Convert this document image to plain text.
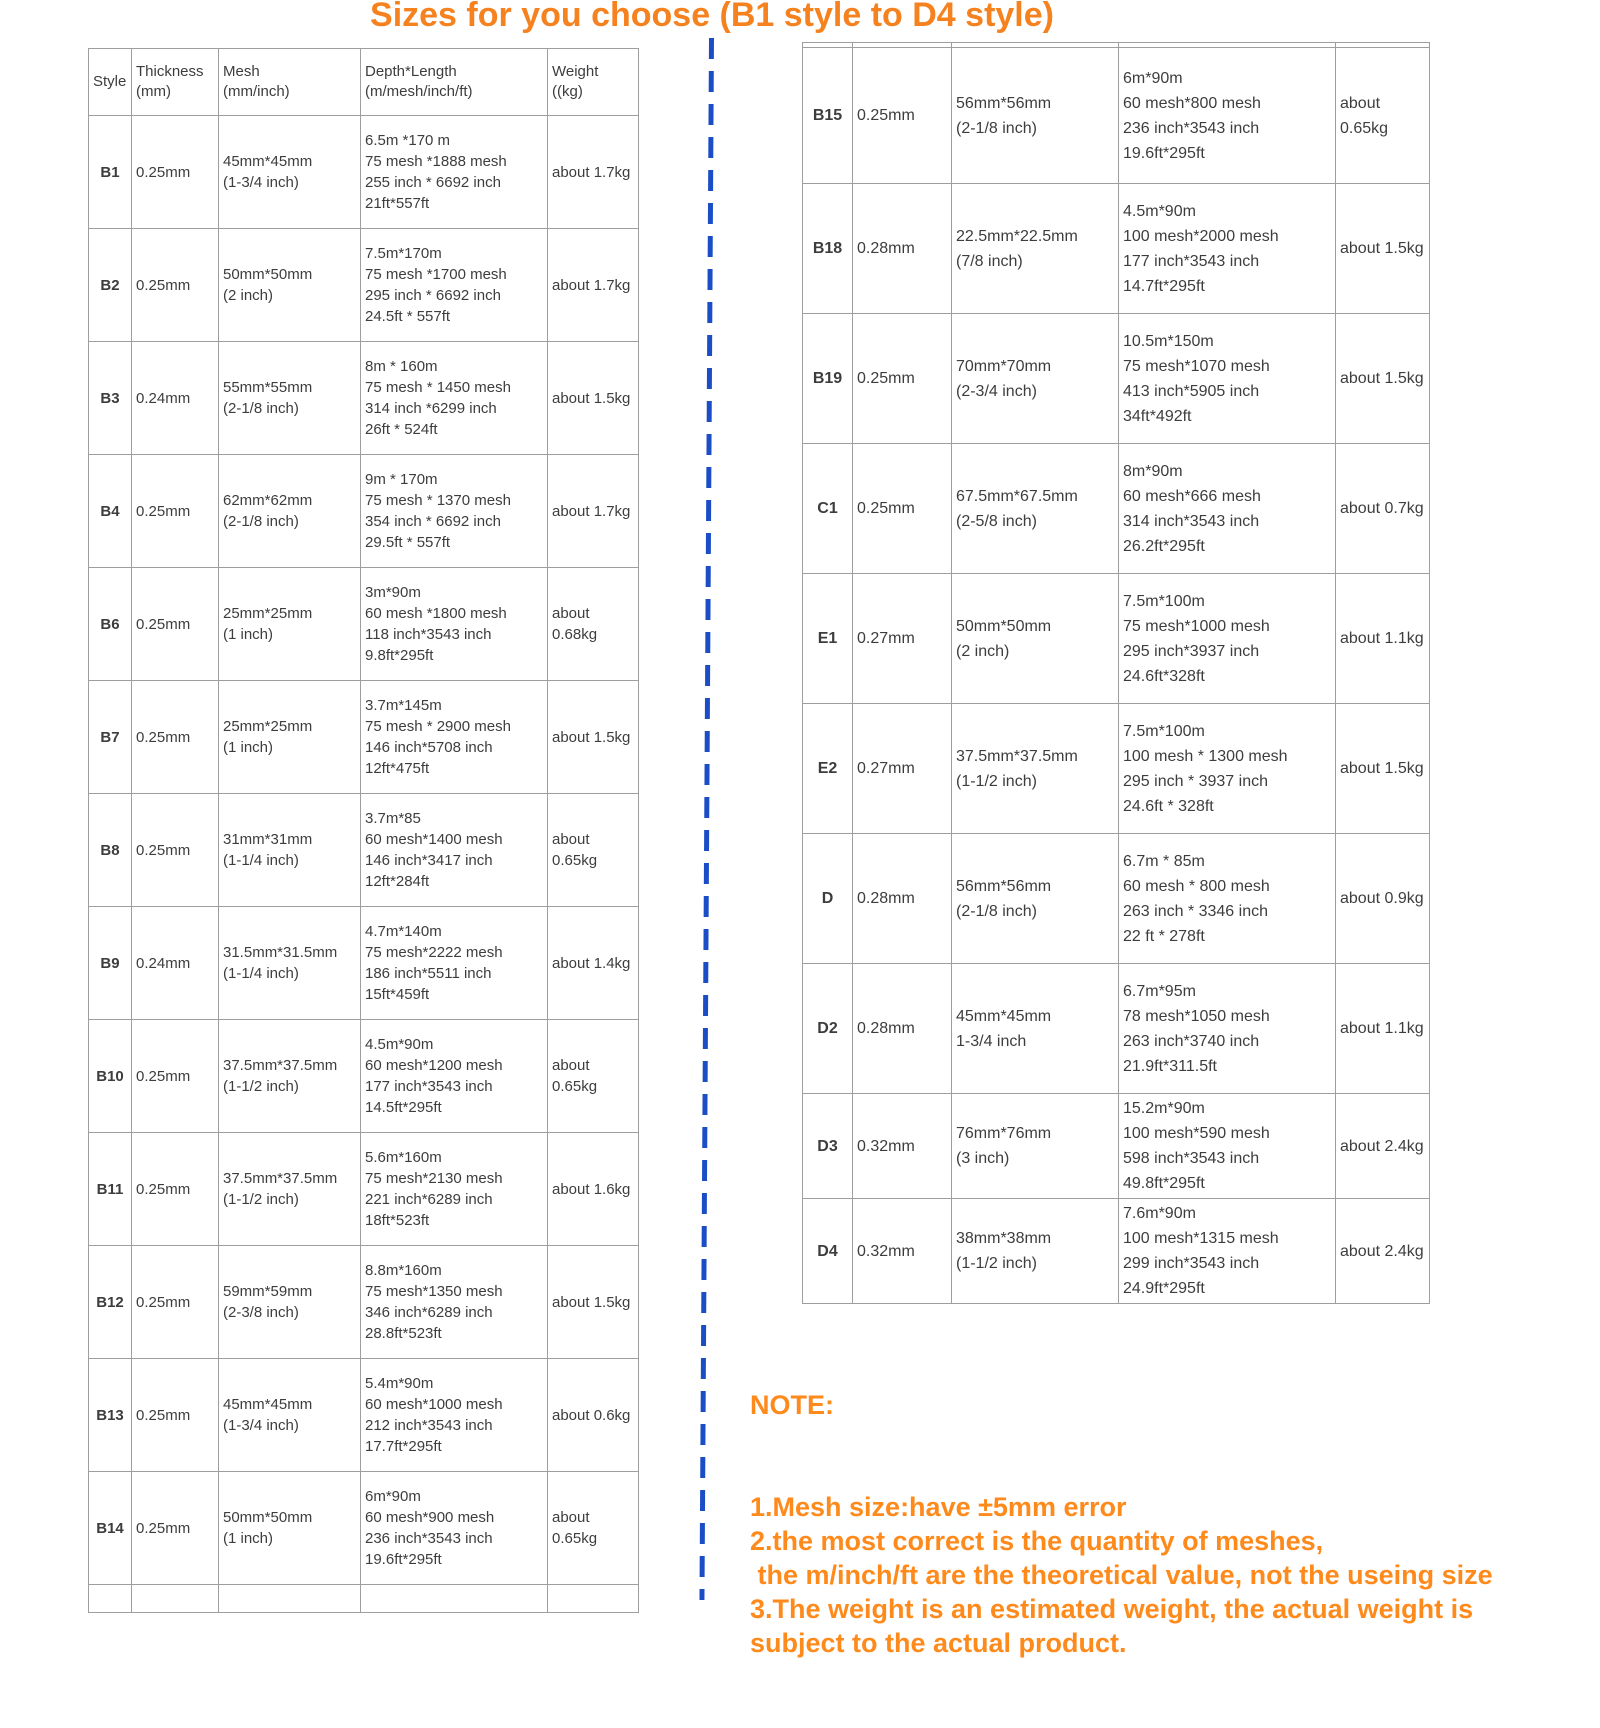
Sizes for you choose (B1 style to D4 style)
Style

Thickness
(mm)

Mesh
(mm/inch)

Depth*Length
(m/mesh/inch/ft)

Weight
((kg)

B1	0.25mm	
45mm*45mm
(1-3/4 inch)

6.5m *170 m
75 mesh *1888 mesh
255 inch * 6692 inch
21ft*557ft
	about 1.7kg
B2	0.25mm	
50mm*50mm
(2 inch)

7.5m*170m
75 mesh *1700 mesh
295 inch * 6692 inch
24.5ft * 557ft
	about 1.7kg
B3	0.24mm	
55mm*55mm
(2-1/8 inch)

8m * 160m
75 mesh * 1450 mesh
314 inch *6299 inch
26ft * 524ft
	about 1.5kg
B4	0.25mm	
62mm*62mm
(2-1/8 inch)

9m * 170m
75 mesh * 1370 mesh
354 inch * 6692 inch
29.5ft * 557ft
	about 1.7kg
B6	0.25mm	
25mm*25mm
(1 inch)

3m*90m
60 mesh *1800 mesh
118 inch*3543 inch
9.8ft*295ft
	about 0.68kg
B7	0.25mm	
25mm*25mm
(1 inch)

3.7m*145m
75 mesh * 2900 mesh
146 inch*5708 inch
12ft*475ft
	about 1.5kg
B8	0.25mm	
31mm*31mm
(1-1/4 inch)

3.7m*85
60 mesh*1400 mesh
146 inch*3417 inch
12ft*284ft
	about 0.65kg
B9	0.24mm	
31.5mm*31.5mm
(1-1/4 inch)

4.7m*140m
75 mesh*2222 mesh
186 inch*5511 inch
15ft*459ft
	about 1.4kg
B10	0.25mm	
37.5mm*37.5mm
(1-1/2 inch)

4.5m*90m
60 mesh*1200 mesh
177 inch*3543 inch
14.5ft*295ft
	about 0.65kg
B11	0.25mm	
37.5mm*37.5mm
(1-1/2 inch)

5.6m*160m
75 mesh*2130 mesh
221 inch*6289 inch
18ft*523ft
	about 1.6kg
B12	0.25mm	
59mm*59mm
(2-3/8 inch)

8.8m*160m
75 mesh*1350 mesh
346 inch*6289 inch
28.8ft*523ft
	about 1.5kg
B13	0.25mm	
45mm*45mm
(1-3/4 inch)

5.4m*90m
60 mesh*1000 mesh
212 inch*3543 inch
17.7ft*295ft
	about 0.6kg
B14	0.25mm	
50mm*50mm
(1 inch)

6m*90m
60 mesh*900 mesh
236 inch*3543 inch
19.6ft*295ft
	about 0.65kg

B15	0.25mm	
56mm*56mm
(2-1/8 inch)

6m*90m
60 mesh*800 mesh
236 inch*3543 inch
19.6ft*295ft
	about 0.65kg
B18	0.28mm	
22.5mm*22.5mm
(7/8 inch)

4.5m*90m
100 mesh*2000 mesh
177 inch*3543 inch
14.7ft*295ft
	about 1.5kg
B19	0.25mm	
70mm*70mm
(2-3/4 inch)

10.5m*150m
75 mesh*1070 mesh
413 inch*5905 inch
34ft*492ft
	about 1.5kg
C1	0.25mm	
67.5mm*67.5mm
(2-5/8 inch)

8m*90m
60 mesh*666 mesh
314 inch*3543 inch
26.2ft*295ft
	about 0.7kg
E1	0.27mm	
50mm*50mm
(2 inch)

7.5m*100m
75 mesh*1000 mesh
295 inch*3937 inch
24.6ft*328ft
	about 1.1kg
E2	0.27mm	
37.5mm*37.5mm
(1-1/2 inch)

7.5m*100m
100 mesh * 1300 mesh
295 inch * 3937 inch
24.6ft * 328ft
	about 1.5kg
D	0.28mm	
56mm*56mm
(2-1/8 inch)

6.7m * 85m
60 mesh * 800 mesh
263 inch * 3346 inch
22 ft * 278ft
	about 0.9kg
D2	0.28mm	
45mm*45mm
1-3/4 inch

6.7m*95m
78 mesh*1050 mesh
263 inch*3740 inch
21.9ft*311.5ft
	about 1.1kg
D3	0.32mm	
76mm*76mm
(3 inch)

15.2m*90m
100 mesh*590 mesh
598 inch*3543 inch
49.8ft*295ft
	about 2.4kg
D4	0.32mm	
38mm*38mm
(1-1/2 inch)

7.6m*90m
100 mesh*1315 mesh
299 inch*3543 inch
24.9ft*295ft
	about 2.4kg

NOTE:

1.Mesh size:have ±5mm error
2.the most correct is the quantity of meshes,
the m/inch/ft are the theoretical value, not the useing size
3.The weight is an estimated weight, the actual weight is
subject to the actual product.
